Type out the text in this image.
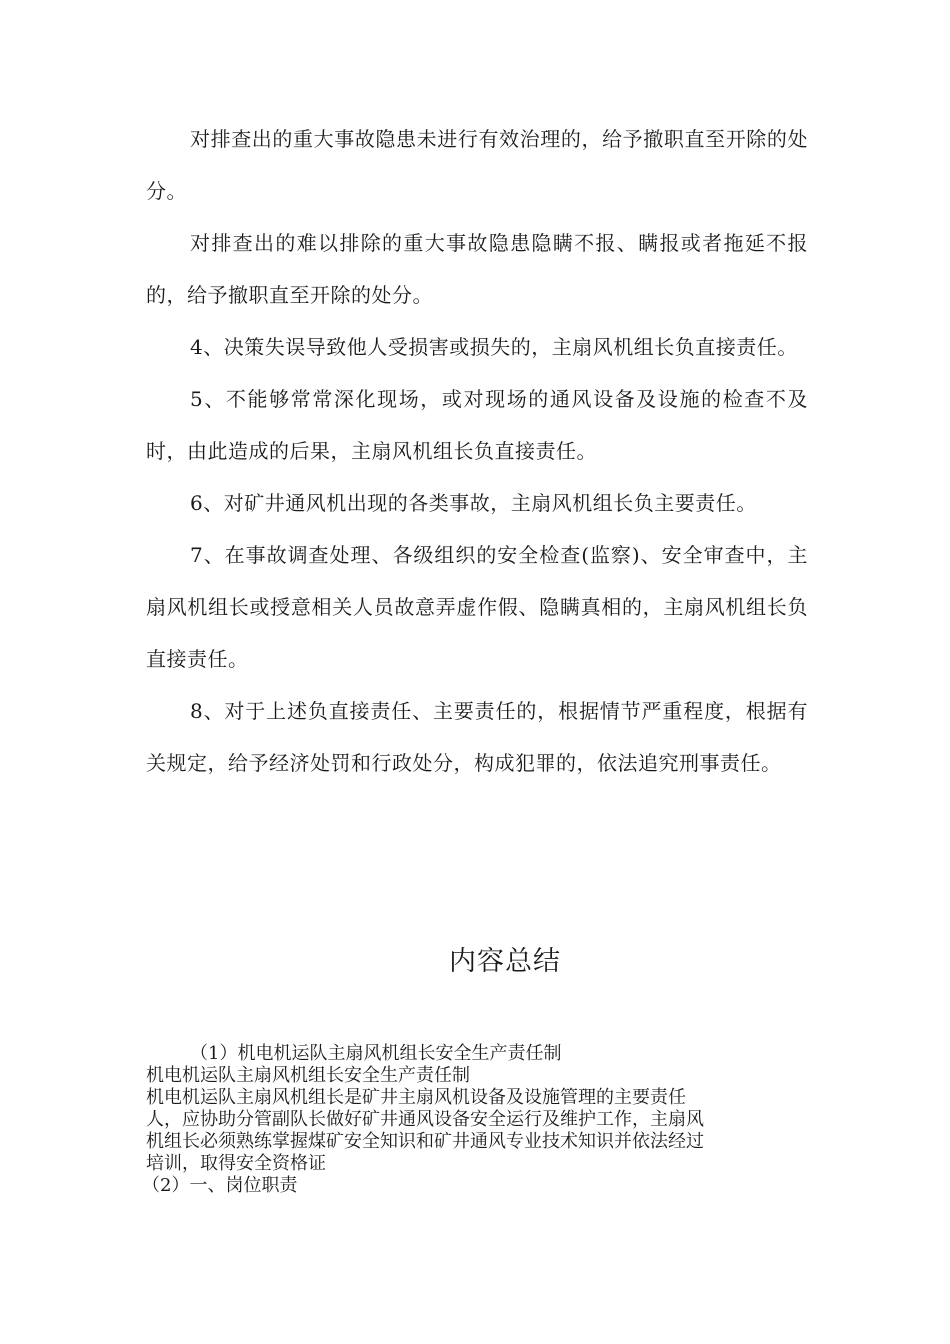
对排查出的重大事故隐患未进行有效治理的，给予撤职直至开除的处分。

对排查出的难以排除的重大事故隐患隐瞒不报、瞒报或者拖延不报的，给予撤职直至开除的处分。

4、决策失误导致他人受损害或损失的，主扇风机组长负直接责任。

5、不能够常常深化现场，或对现场的通风设备及设施的检查不及时，由此造成的后果，主扇风机组长负直接责任。

6、对矿井通风机出现的各类事故，主扇风机组长负主要责任。

7、在事故调查处理、各级组织的安全检查(监察)、安全审查中，主扇风机组长或授意相关人员故意弄虚作假、隐瞒真相的，主扇风机组长负直接责任。

8、对于上述负直接责任、主要责任的，根据情节严重程度，根据有关规定，给予经济处罚和行政处分，构成犯罪的，依法追究刑事责任。

内容总结

（1）机电机运队主扇风机组长安全生产责任制

机电机运队主扇风机组长安全生产责任制

机电机运队主扇风机组长是矿井主扇风机设备及设施管理的主要责任

人，应协助分管副队长做好矿井通风设备安全运行及维护工作，主扇风

机组长必须熟练掌握煤矿安全知识和矿井通风专业技术知识并依法经过

培训，取得安全资格证

（2）一、岗位职责
